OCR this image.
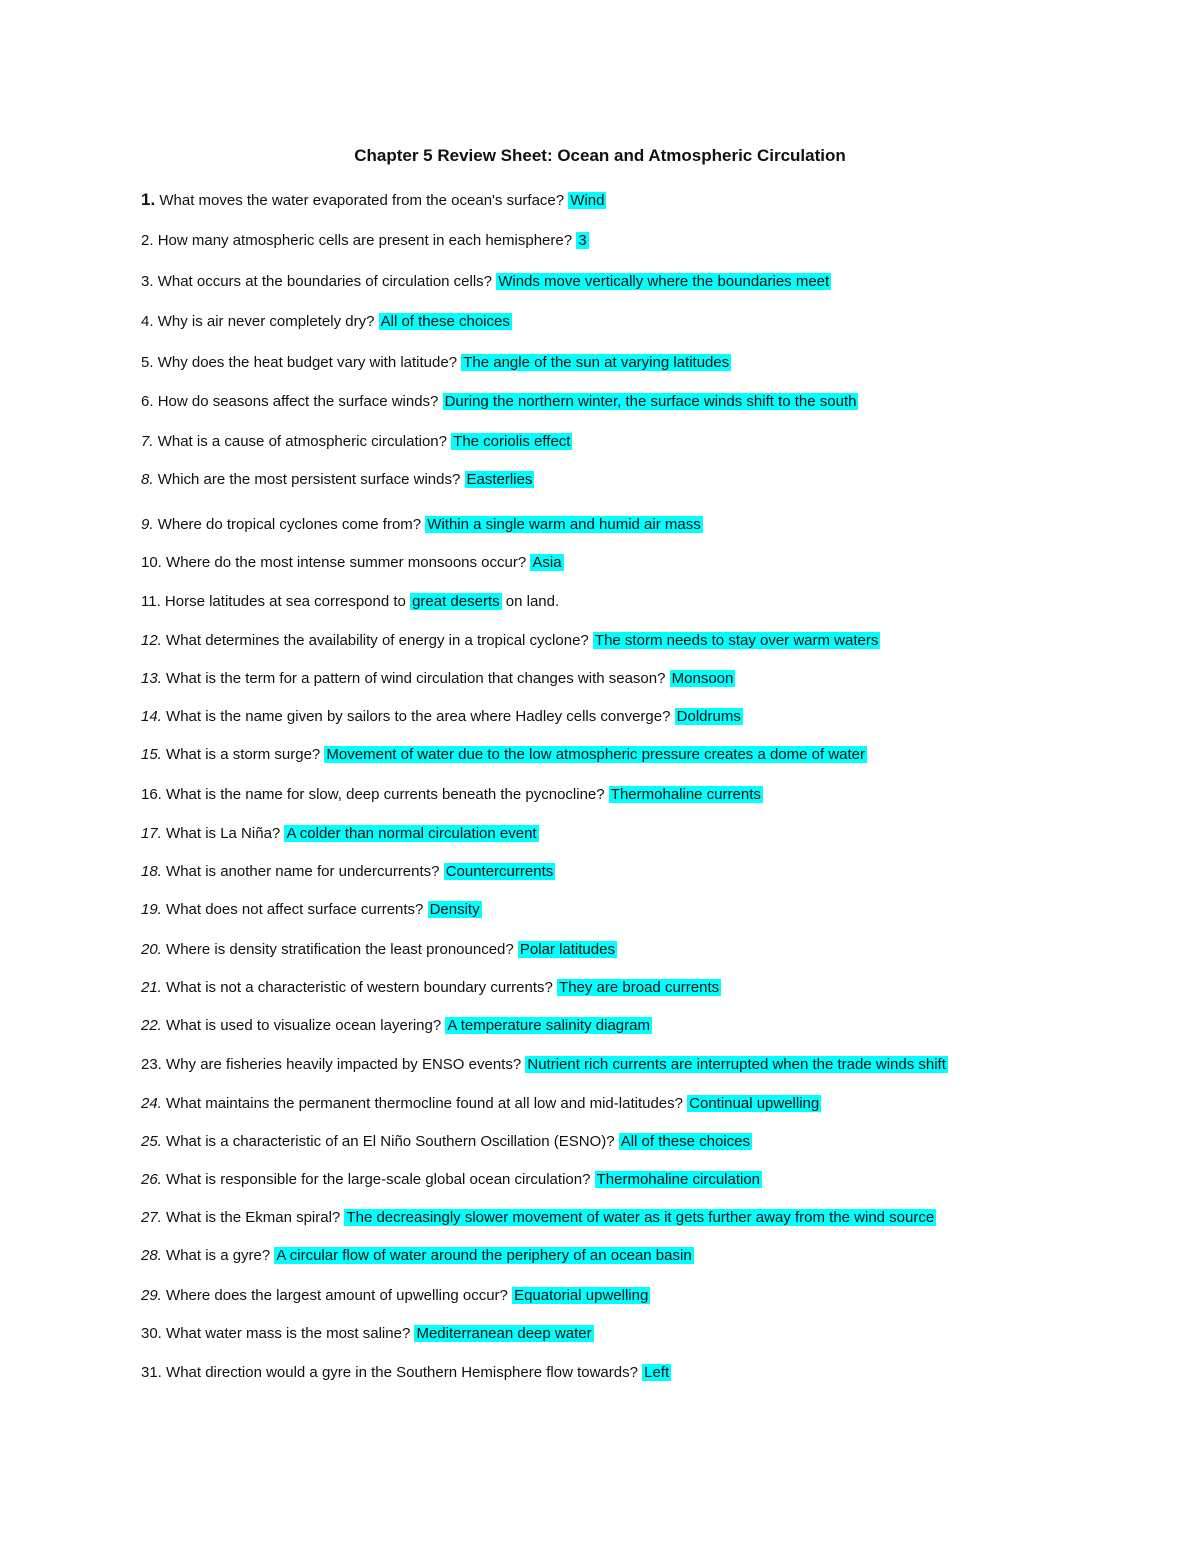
Chapter 5 Review Sheet: Ocean and Atmospheric Circulation
1. What moves the water evaporated from the ocean's surface? Wind
2. How many atmospheric cells are present in each hemisphere? 3
3. What occurs at the boundaries of circulation cells? Winds move vertically where the boundaries meet
4. Why is air never completely dry? All of these choices
5. Why does the heat budget vary with latitude? The angle of the sun at varying latitudes
6. How do seasons affect the surface winds? During the northern winter, the surface winds shift to the south
7. What is a cause of atmospheric circulation? The coriolis effect
8. Which are the most persistent surface winds? Easterlies
9. Where do tropical cyclones come from? Within a single warm and humid air mass
10. Where do the most intense summer monsoons occur? Asia
11. Horse latitudes at sea correspond to great deserts on land.
12. What determines the availability of energy in a tropical cyclone? The storm needs to stay over warm waters
13. What is the term for a pattern of wind circulation that changes with season? Monsoon
14. What is the name given by sailors to the area where Hadley cells converge? Doldrums
15. What is a storm surge? Movement of water due to the low atmospheric pressure creates a dome of water
16. What is the name for slow, deep currents beneath the pycnocline? Thermohaline currents
17. What is La Niña? A colder than normal circulation event
18. What is another name for undercurrents? Countercurrents
19. What does not affect surface currents? Density
20. Where is density stratification the least pronounced? Polar latitudes
21. What is not a characteristic of western boundary currents? They are broad currents
22. What is used to visualize ocean layering? A temperature salinity diagram
23. Why are fisheries heavily impacted by ENSO events? Nutrient rich currents are interrupted when the trade winds shift
24. What maintains the permanent thermocline found at all low and mid-latitudes? Continual upwelling
25. What is a characteristic of an El Niño Southern Oscillation (ESNO)? All of these choices
26. What is responsible for the large-scale global ocean circulation? Thermohaline circulation
27. What is the Ekman spiral? The decreasingly slower movement of water as it gets further away from the wind source
28. What is a gyre? A circular flow of water around the periphery of an ocean basin
29. Where does the largest amount of upwelling occur? Equatorial upwelling
30. What water mass is the most saline? Mediterranean deep water
31. What direction would a gyre in the Southern Hemisphere flow towards? Left
